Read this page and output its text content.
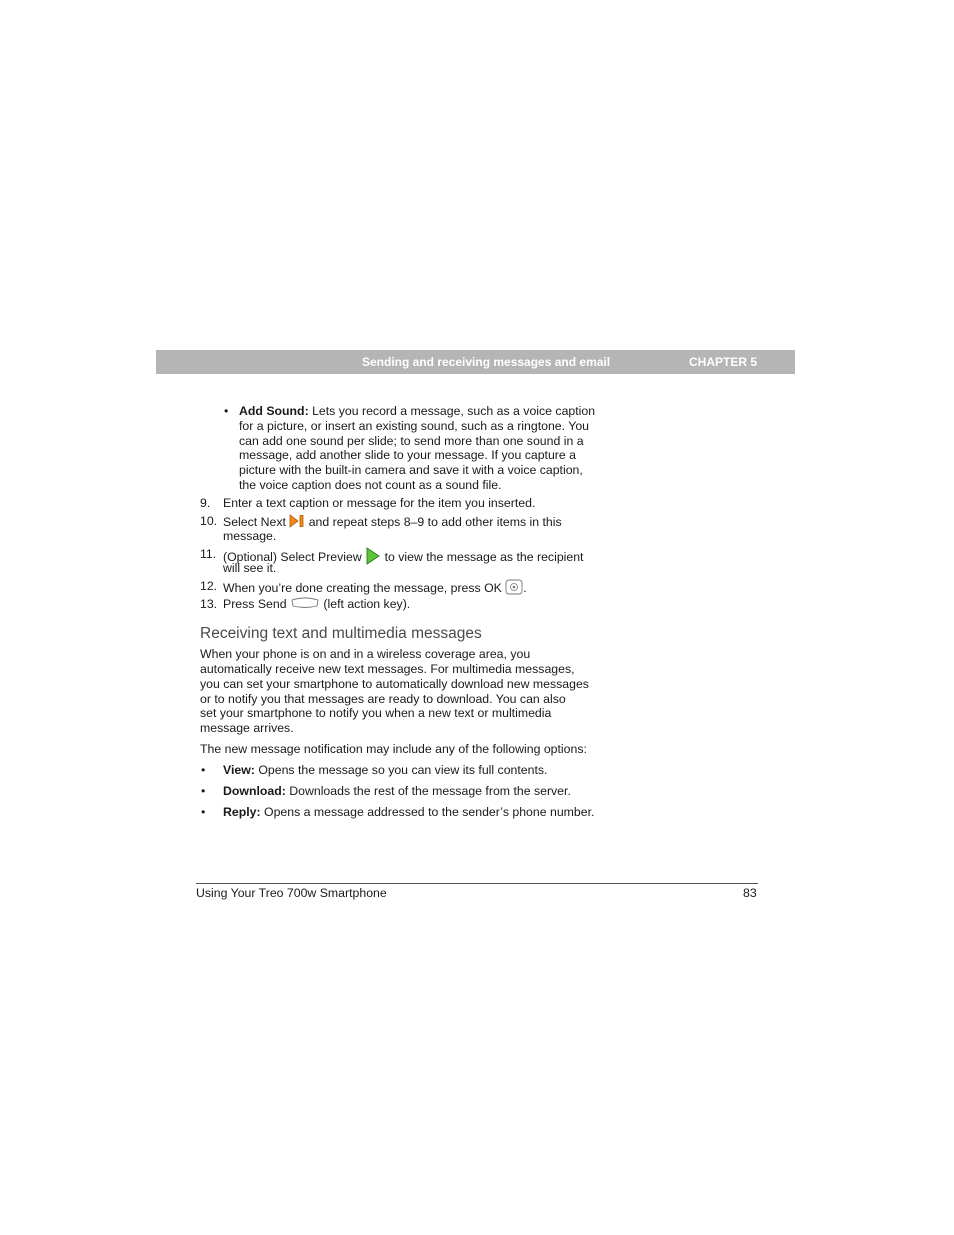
Sending and receiving messages and email	CHAPTER 5
• Add Sound: Lets you record a message, such as a voice caption

for a picture, or insert an existing sound, such as a ringtone. You

can add one sound per slide; to send more than one sound in a

message, add another slide to your message. If you capture a

picture with the built-in camera and save it with a voice caption,

the voice caption does not count as a sound file.

9. Enter a text caption or message for the item you inserted.

10. Select Next  and repeat steps 8–9 to add other items in this

message.

11. (Optional) Select Preview  to view the message as the recipient

will see it.

12. When you’re done creating the message, press OK .

13. Press Send  (left action key).

Receiving text and multimedia messages

When your phone is on and in a wireless coverage area, you

automatically receive new text messages. For multimedia messages,

you can set your smartphone to automatically download new messages

or to notify you that messages are ready to download. You can also

set your smartphone to notify you when a new text or multimedia

message arrives.

The new message notification may include any of the following options:

• View: Opens the message so you can view its full contents.

• Download: Downloads the rest of the message from the server.

• Reply: Opens a message addressed to the sender’s phone number.

Using Your Treo 700w Smartphone	83
